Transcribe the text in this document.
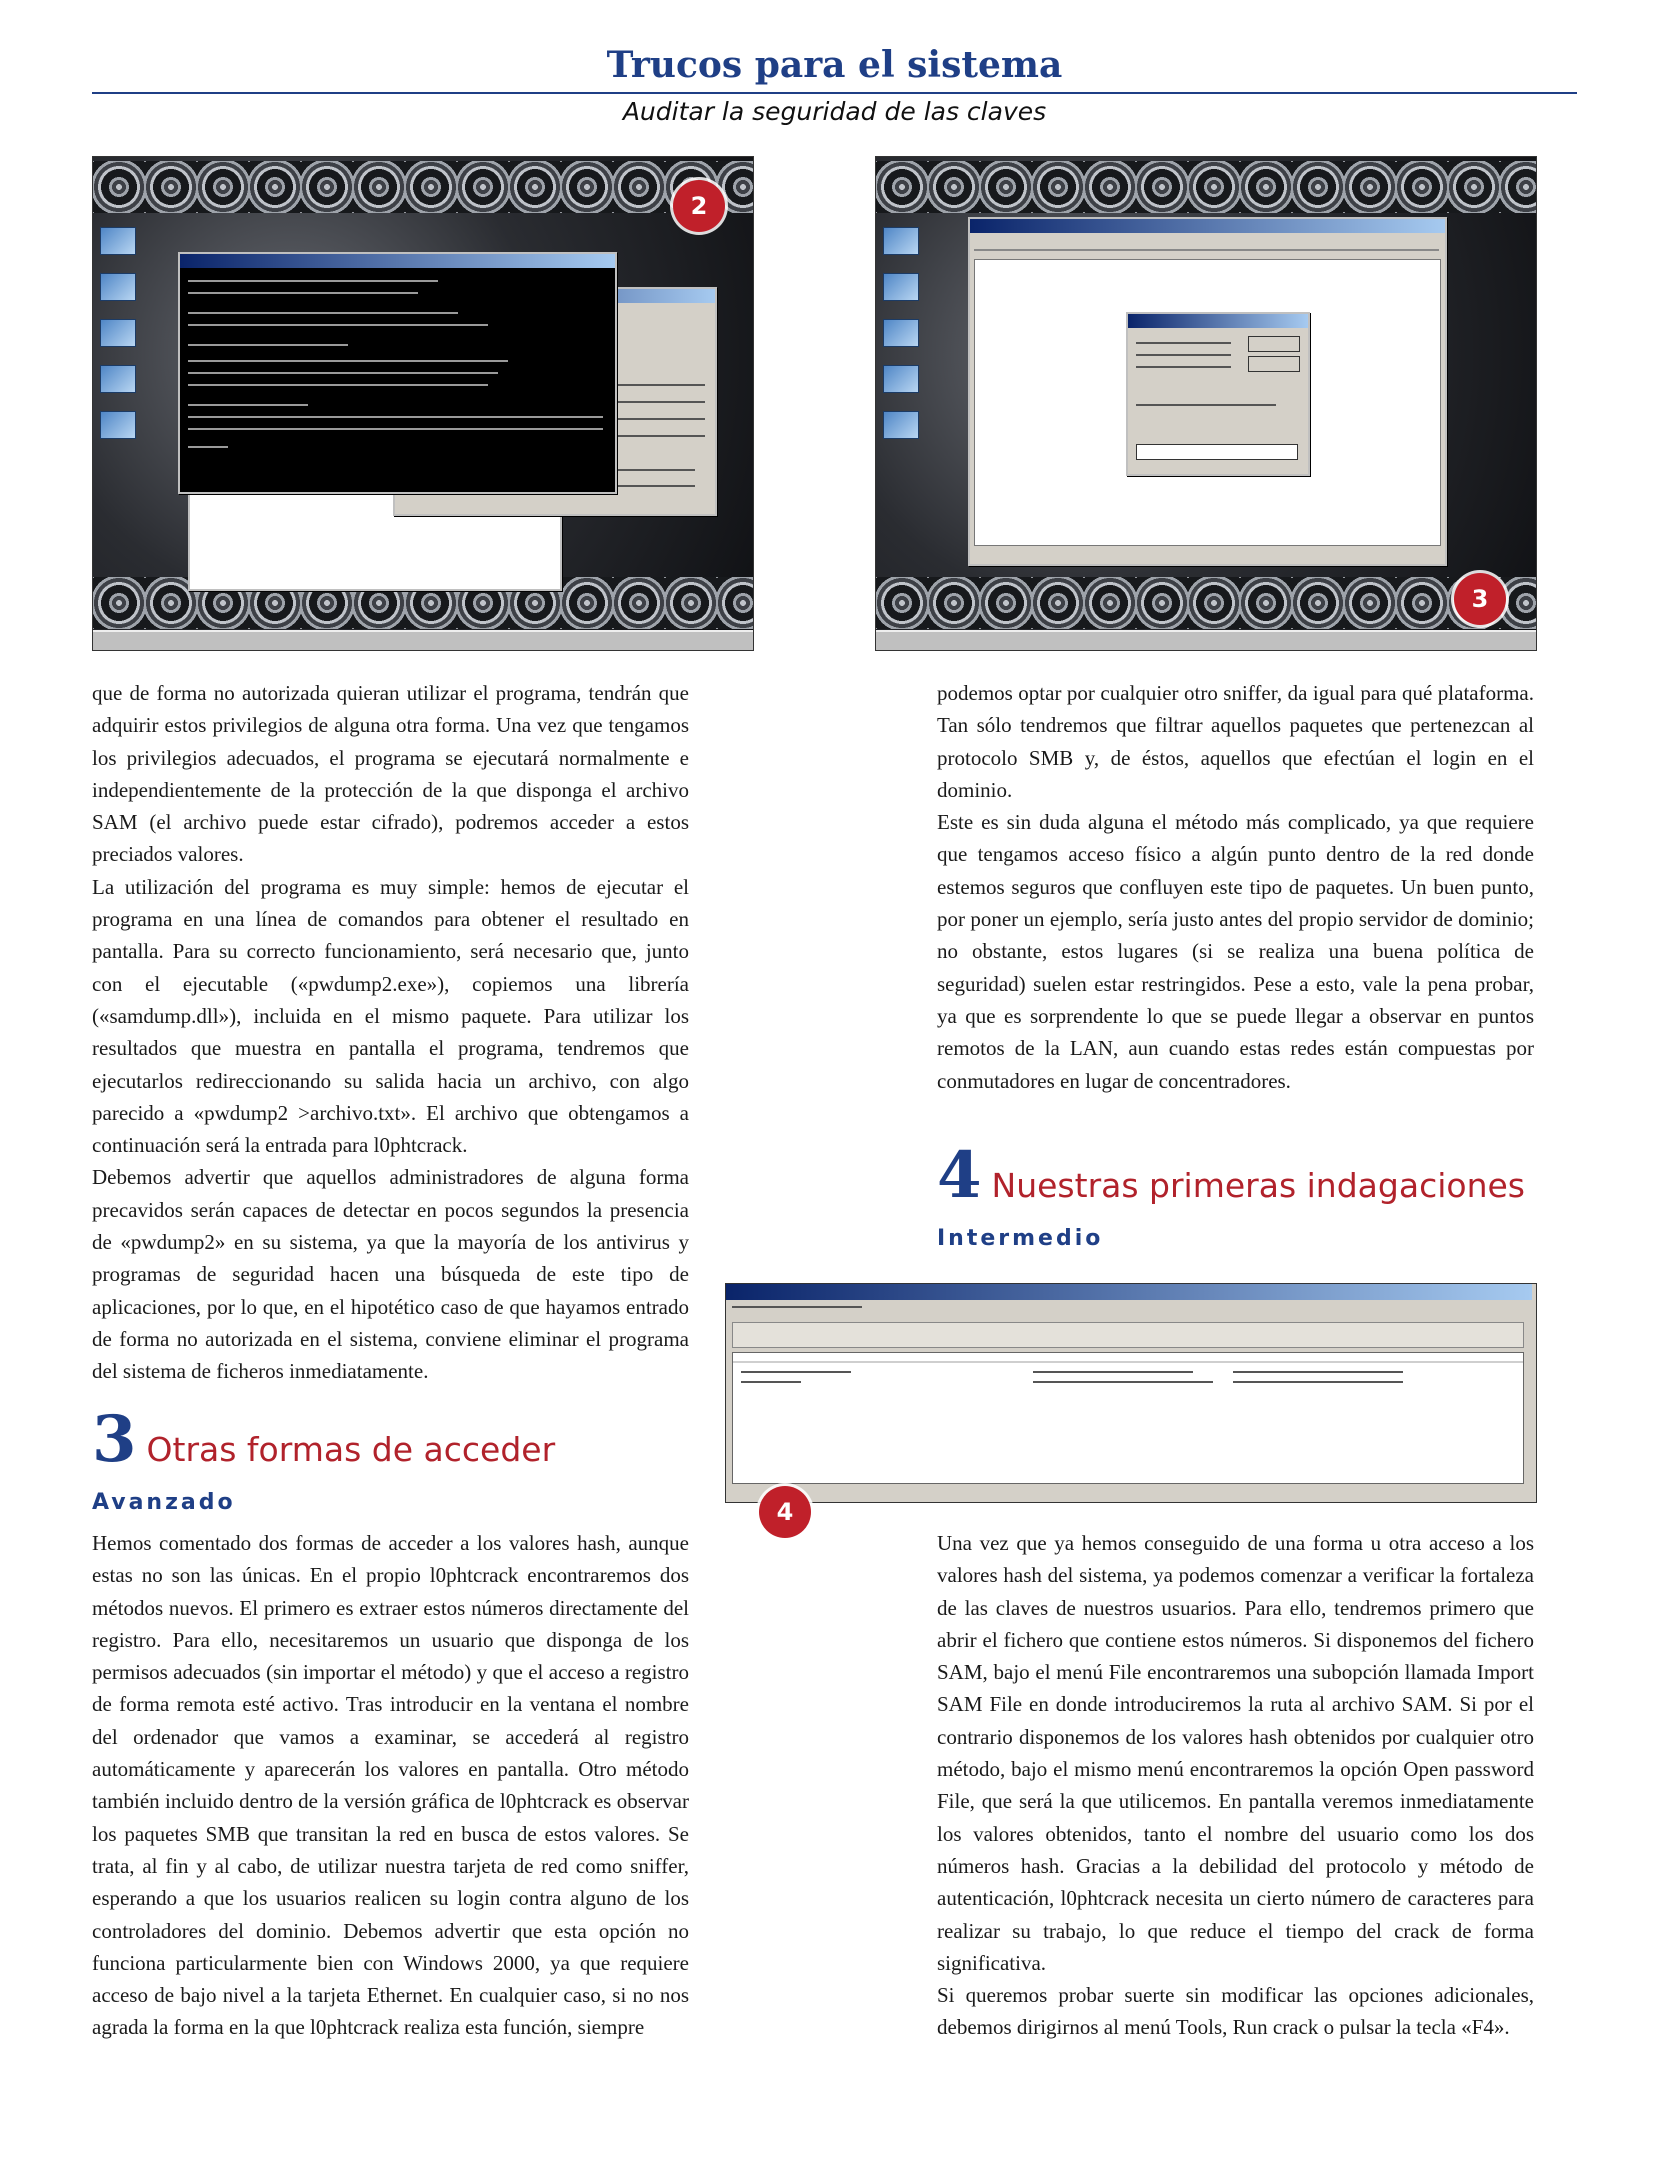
Trucos para el sistema
Auditar la seguridad de las claves
2
3

que de forma no autorizada quieran utilizar el programa, tendrán que adquirir estos privilegios de alguna otra forma. Una vez que tengamos los privilegios adecuados, el programa se ejecutará normalmente e independientemente de la protección de la que disponga el archivo SAM (el archivo puede estar cifrado), podremos acceder a estos preciados valores.

La utilización del programa es muy simple: hemos de ejecutar el programa en una línea de comandos para obtener el resultado en pantalla. Para su correcto funcionamiento, será necesario que, junto con el ejecutable («pwdump2.exe»), copiemos una librería («samdump.dll»), incluida en el mismo paquete. Para utilizar los resultados que muestra en pantalla el programa, tendremos que ejecutarlos redireccionando su salida hacia un archivo, con algo parecido a «pwdump2 >archivo.txt». El archivo que obtengamos a continuación será la entrada para l0phtcrack.

Debemos advertir que aquellos administradores de alguna forma precavidos serán capaces de detectar en pocos segundos la presencia de «pwdump2» en su sistema, ya que la mayoría de los antivirus y programas de seguridad hacen una búsqueda de este tipo de aplicaciones, por lo que, en el hipotético caso de que hayamos entrado de forma no autorizada en el sistema, conviene eliminar el programa del sistema de ficheros inmediatamente.

3 Otras formas de acceder
Avanzado

Hemos comentado dos formas de acceder a los valores hash, aunque estas no son las únicas. En el propio l0phtcrack encontraremos dos métodos nuevos. El primero es extraer estos números directamente del registro. Para ello, necesitaremos un usuario que disponga de los permisos adecuados (sin importar el método) y que el acceso a registro de forma remota esté activo. Tras introducir en la ventana el nombre del ordenador que vamos a examinar, se accederá al registro automáticamente y aparecerán los valores en pantalla. Otro método también incluido dentro de la versión gráfica de l0phtcrack es observar los paquetes SMB que transitan la red en busca de estos valores. Se trata, al fin y al cabo, de utilizar nuestra tarjeta de red como sniffer, esperando a que los usuarios realicen su login contra alguno de los controladores del dominio. Debemos advertir que esta opción no funciona particularmente bien con Windows 2000, ya que requiere acceso de bajo nivel a la tarjeta Ethernet. En cualquier caso, si no nos agrada la forma en la que l0phtcrack realiza esta función, siempre

podemos optar por cualquier otro sniffer, da igual para qué plataforma. Tan sólo tendremos que filtrar aquellos paquetes que pertenezcan al protocolo SMB y, de éstos, aquellos que efectúan el login en el dominio.

Este es sin duda alguna el método más complicado, ya que requiere que tengamos acceso físico a algún punto dentro de la red donde estemos seguros que confluyen este tipo de paquetes. Un buen punto, por poner un ejemplo, sería justo antes del propio servidor de dominio; no obstante, estos lugares (si se realiza una buena política de seguridad) suelen estar restringidos. Pese a esto, vale la pena probar, ya que es sorprendente lo que se puede llegar a observar en puntos remotos de la LAN, aun cuando estas redes están compuestas por conmutadores en lugar de concentradores.

4 Nuestras primeras indagaciones
Intermedio
4

Una vez que ya hemos conseguido de una forma u otra acceso a los valores hash del sistema, ya podemos comenzar a verificar la fortaleza de las claves de nuestros usuarios. Para ello, tendremos primero que abrir el fichero que contiene estos números. Si disponemos del fichero SAM, bajo el menú File encontraremos una subopción llamada Import SAM File en donde introduciremos la ruta al archivo SAM. Si por el contrario disponemos de los valores hash obtenidos por cualquier otro método, bajo el mismo menú encontraremos la opción Open password File, que será la que utilicemos. En pantalla veremos inmediatamente los valores obtenidos, tanto el nombre del usuario como los dos números hash. Gracias a la debilidad del protocolo y método de autenticación, l0phtcrack necesita un cierto número de caracteres para realizar su trabajo, lo que reduce el tiempo del crack de forma significativa.

Si queremos probar suerte sin modificar las opciones adicionales, debemos dirigirnos al menú Tools, Run crack o pulsar la tecla «F4».
